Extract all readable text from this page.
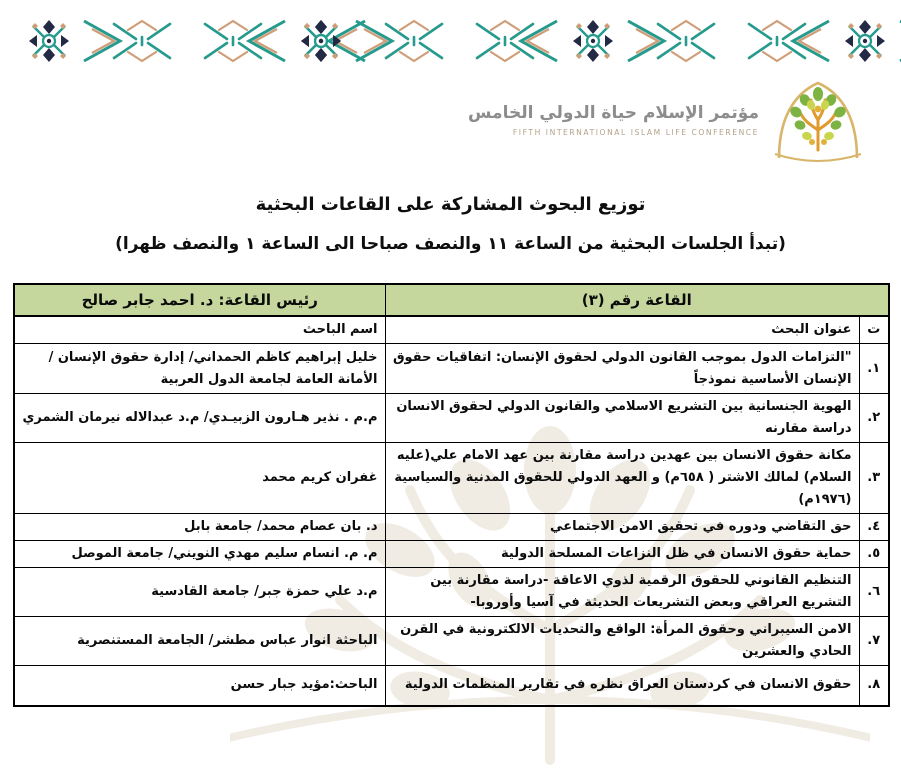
مؤتمر الإسلام حياة الدولي الخامس
FIFTH INTERNATIONAL ISLAM LIFE CONFERENCE
توزيع البحوث المشاركة على القاعات البحثية
(تبدأ الجلسات البحثية من الساعة ١١ والنصف صباحا الى الساعة ١ والنصف ظهرا)
القاعة رقم (٣)		رئيس القاعة: د. احمد جابر صالح
ت	عنوان البحث	اسم الباحث
١.	"التزامات الدول بموجب القانون الدولي لحقوق الإنسان: اتفاقيات حقوق الإنسان الأساسية نموذجاً	خليل إبراهيم كاظم الحمداني/ إدارة حقوق الإنسان / الأمانة العامة لجامعة الدول العربية
٢.	الهوية الجنسانية بين التشريع الاسلامي والقانون الدولي لحقوق الانسان دراسة مقارنه	م.م . نذير هـارون الزبيـدي/ م.د عبدالاله نيرمان الشمري
٣.	مكانة حقوق الانسان بين عهدين دراسة مقارنة بين عهد الامام علي(عليه السلام) لمالك الاشتر ( ٦٥٨م) و العهد الدولي للحقوق المدنية والسياسية (١٩٧٦م)	غفران كريم محمد
٤.	حق التقاضي ودوره في تحقيق الامن الاجتماعي	د. بان عصام محمد/ جامعة بابل
٥.	حماية حقوق الانسان في ظل النزاعات المسلحة الدولية	م. م. انسام سليم مهدي النويني/ جامعة الموصل
٦.	التنظيم القانوني للحقوق الرقمية لذوي الاعاقة -دراسة مقارنة بين التشريع العراقي وبعض التشريعات الحديثة في آسيا وأوروبا-	م.د علي حمزة جبر/ جامعة القادسية
٧.	الامن السيبراني وحقوق المرأة: الواقع والتحديات الالكترونية في القرن الحادي والعشرين	الباحثة انوار عباس مطشر/ الجامعة المستنصرية
٨.	حقوق الانسان في كردستان العراق نظره في تقارير المنظمات الدولية	الباحث:مؤيد جبار حسن
